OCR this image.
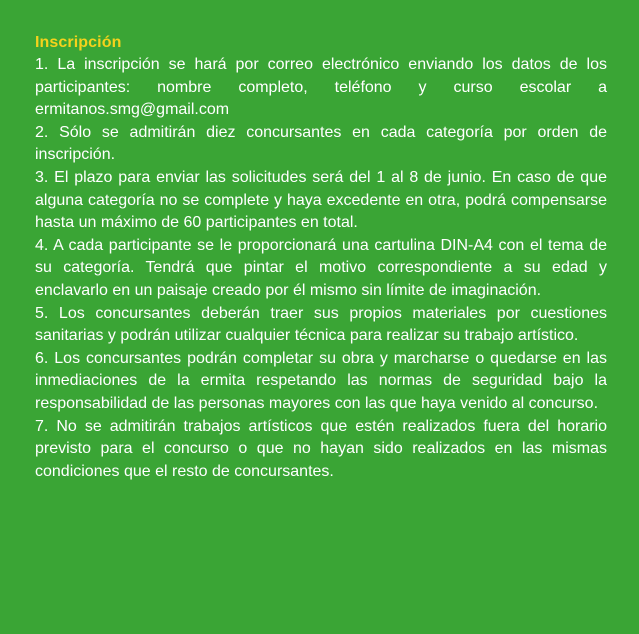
Inscripción

1. La inscripción se hará por correo electrónico enviando los datos de los participantes: nombre completo, teléfono y curso escolar a ermitanos.smg@gmail.com

2. Sólo se admitirán diez concursantes en cada categoría por orden de inscripción.

3. El plazo para enviar las solicitudes será del 1 al 8 de junio. En caso de que alguna categoría no se complete y haya excedente en otra, podrá compensarse hasta un máximo de 60 participantes en total.

4. A cada participante se le proporcionará una cartulina DIN-A4 con el tema de su categoría. Tendrá que pintar el motivo correspondiente a su edad y enclavarlo en un paisaje creado por él mismo sin límite de imaginación.

5. Los concursantes deberán traer sus propios materiales por cuestiones sanitarias y podrán utilizar cualquier técnica para realizar su trabajo artístico.

6. Los concursantes podrán completar su obra y marcharse o quedarse en las inmediaciones de la ermita respetando las normas de seguridad bajo la responsabilidad de las personas mayores con las que haya venido al concurso.

7. No se admitirán trabajos artísticos que estén realizados fuera del horario previsto para el concurso o que no hayan sido realizados en las mismas condiciones que el resto de concursantes.
